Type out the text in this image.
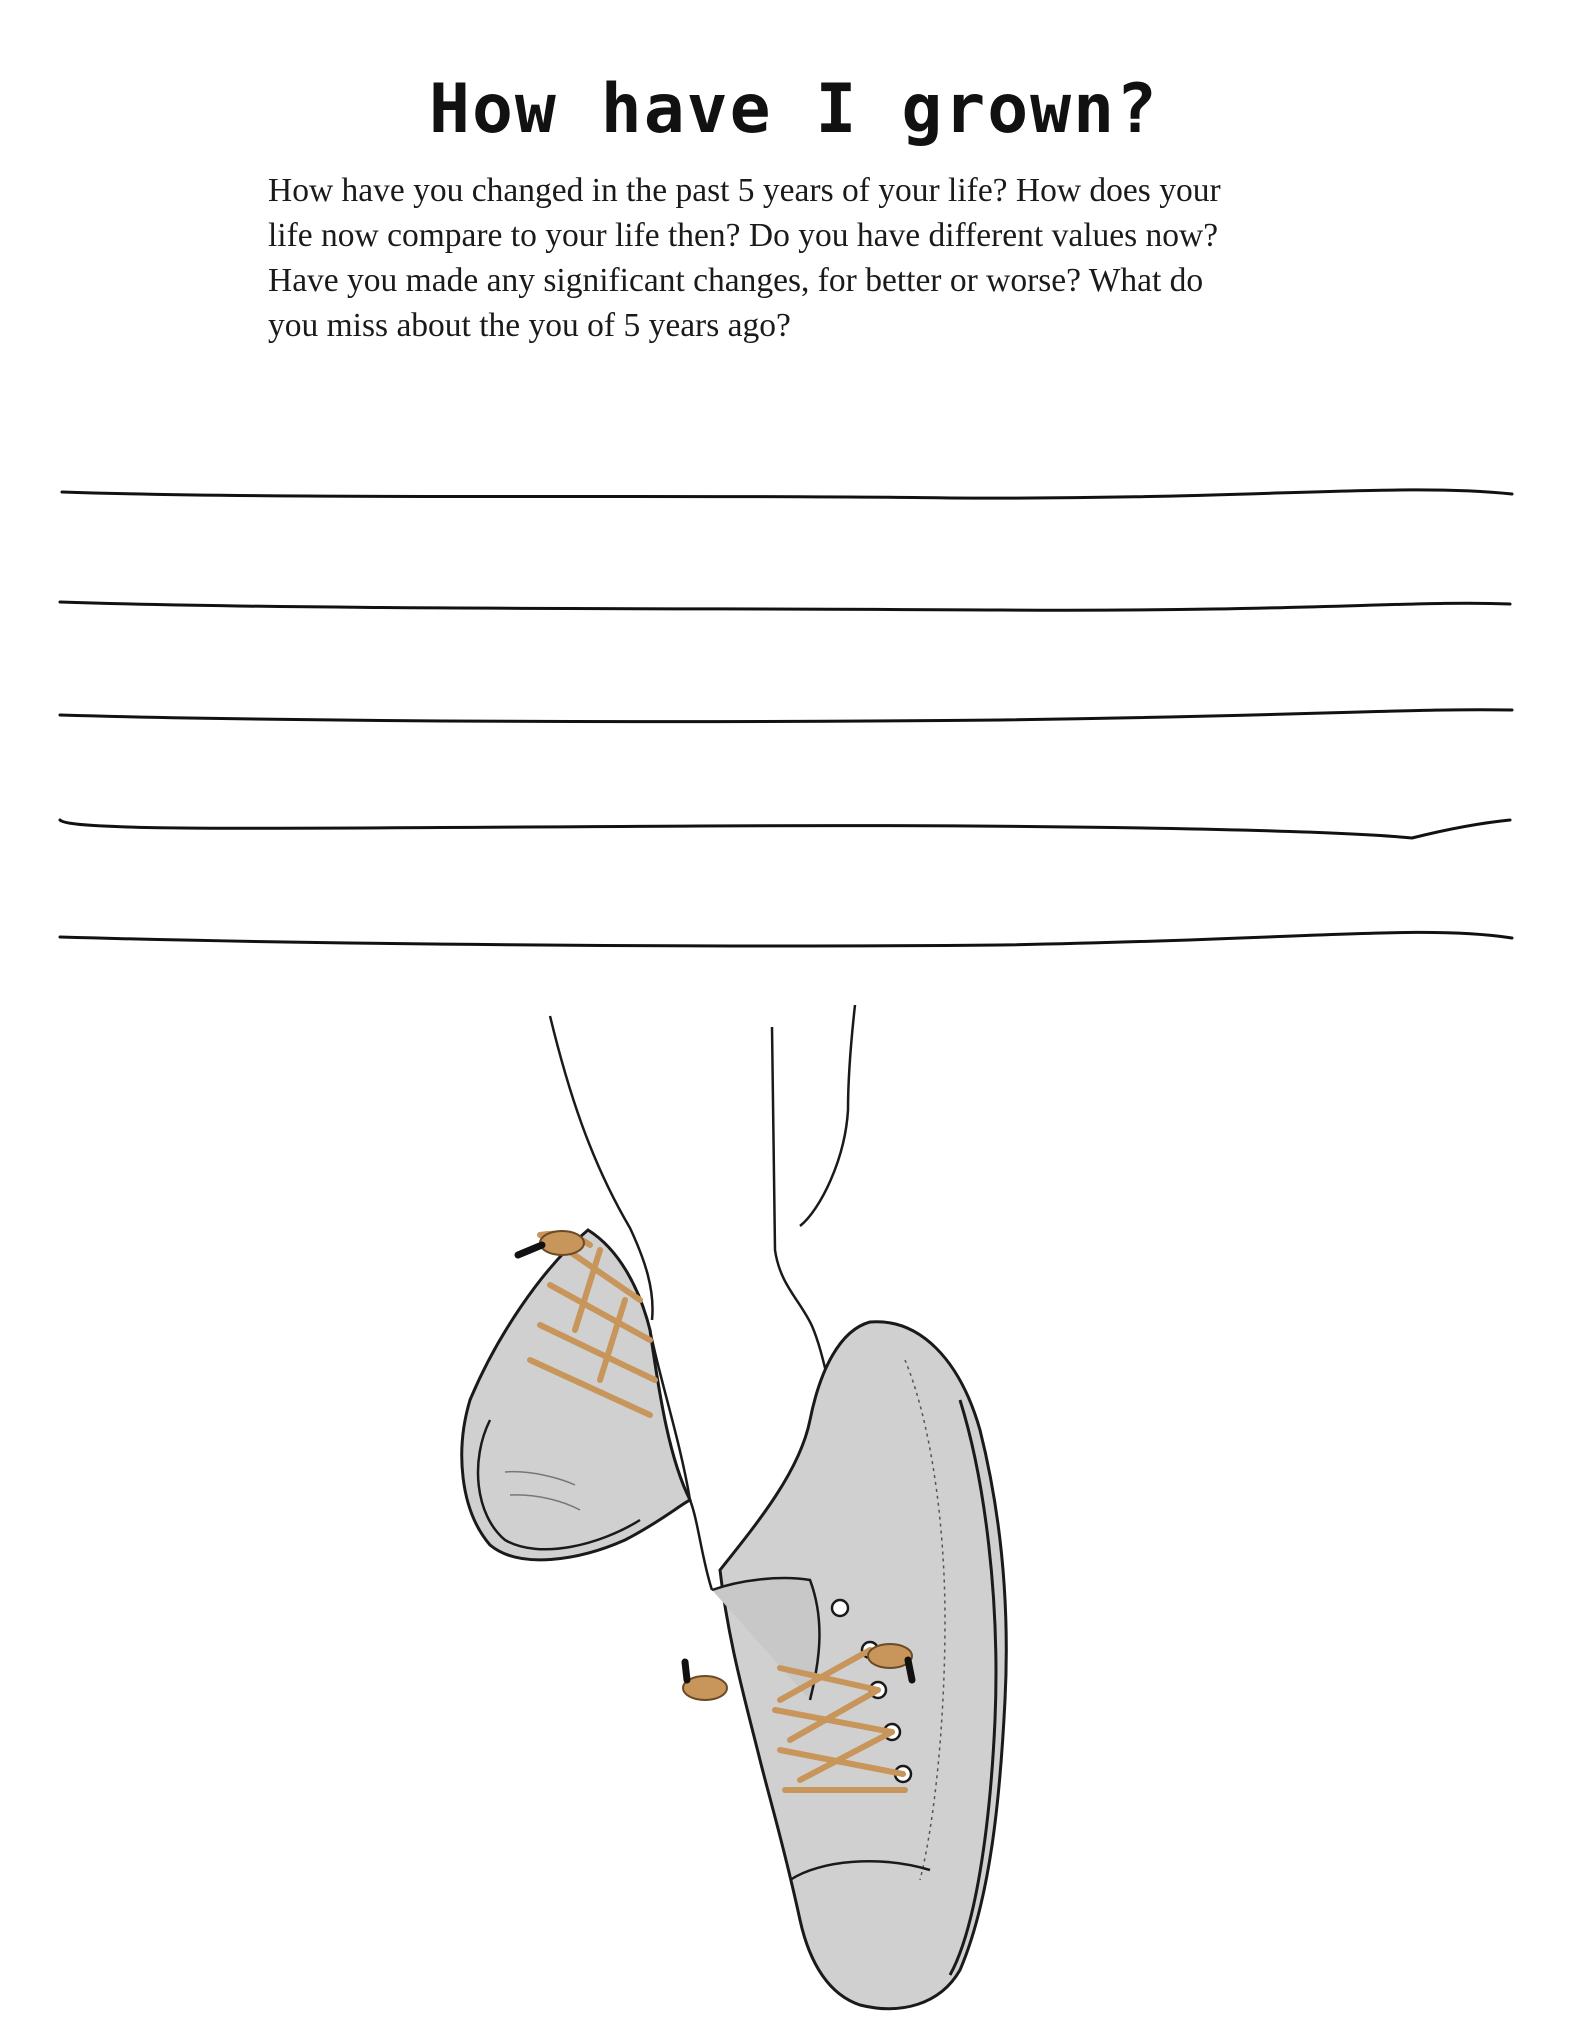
How have I grown?

How have you changed in the past 5 years of your life? How does your life now compare to your life then? Do you have different values now? Have you made any significant changes, for better or worse? What do you miss about the you of 5 years ago?
